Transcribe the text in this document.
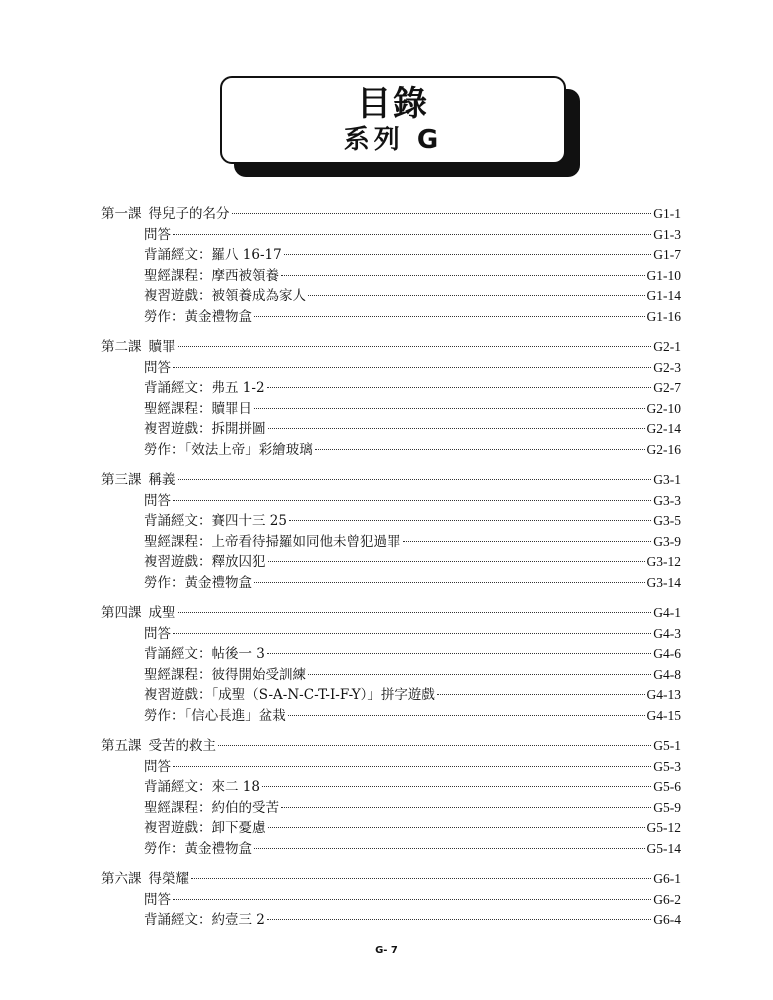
目錄
系列 G
第一課 得兒子的名分	G1-1
問答	G1-3
背誦經文：羅八 16-17	G1-7
聖經課程：摩西被領養	G1-10
複習遊戲：被領養成為家人	G1-14
勞作：黃金禮物盒	G1-16
第二課 贖罪	G2-1
問答	G2-3
背誦經文：弗五 1-2	G2-7
聖經課程：贖罪日	G2-10
複習遊戲：拆開拼圖	G2-14
勞作：「效法上帝」彩繪玻璃	G2-16
第三課 稱義	G3-1
問答	G3-3
背誦經文：賽四十三 25	G3-5
聖經課程：上帝看待掃羅如同他未曾犯過罪	G3-9
複習遊戲：釋放囚犯	G3-12
勞作：黃金禮物盒	G3-14
第四課 成聖	G4-1
問答	G4-3
背誦經文：帖後一 3	G4-6
聖經課程：彼得開始受訓練	G4-8
複習遊戲：「成聖（S-A-N-C-T-I-F-Y）」拼字遊戲	G4-13
勞作：「信心長進」盆栽	G4-15
第五課 受苦的救主	G5-1
問答	G5-3
背誦經文：來二 18	G5-6
聖經課程：約伯的受苦	G5-9
複習遊戲：卸下憂慮	G5-12
勞作：黃金禮物盒	G5-14
第六課 得榮耀	G6-1
問答	G6-2
背誦經文：約壹三 2	G6-4
G- 7
